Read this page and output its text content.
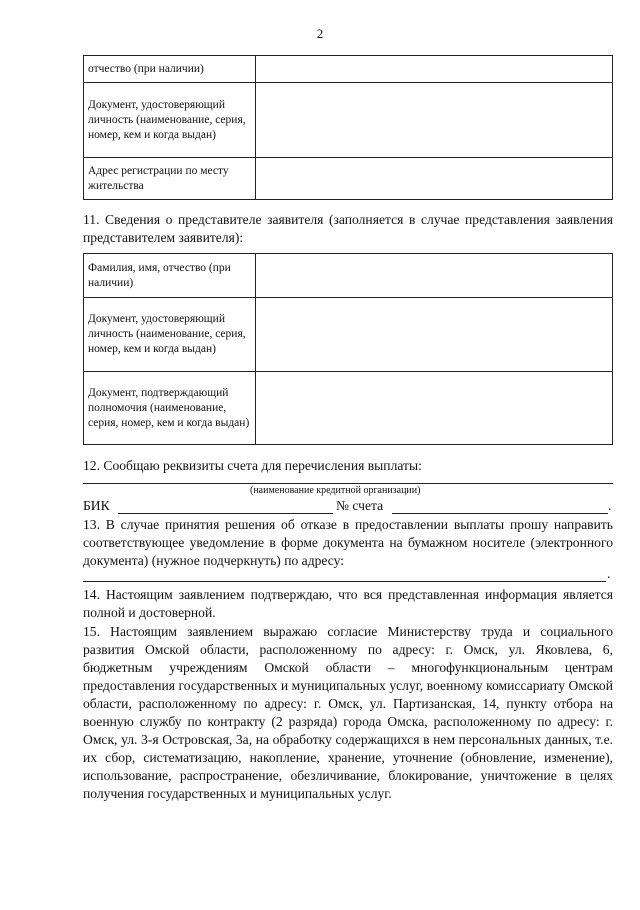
2
отчество (при наличии)	
Документ, удостоверяющий личность (наименование, серия, номер, кем и когда выдан)	
Адрес регистрации по месту жительства	
11. Сведения о представителе заявителя (заполняется в случае представления заявления представителем заявителя):
Фамилия, имя, отчество (при наличии)	
Документ, удостоверяющий личность (наименование, серия, номер, кем и когда выдан)	
Документ, подтверждающий полномочия (наименование, серия, номер, кем и когда выдан)	
12. Сообщаю реквизиты счета для перечисления выплаты:
(наименование кредитной организации)
БИК	№ счета	.
13. В случае принятия решения об отказе в предоставлении выплаты прошу направить соответствующее уведомление в форме документа на бумажном носителе (электронного документа) (нужное подчеркнуть) по адресу:
.
14. Настоящим заявлением подтверждаю, что вся представленная информация является полной и достоверной.
15. Настоящим заявлением выражаю согласие Министерству труда и социального развития Омской области, расположенному по адресу: г. Омск, ул. Яковлева, 6, бюджетным учреждениям Омской области – многофункциональным центрам предоставления государственных и муниципальных услуг, военному комиссариату Омской области, расположенному по адресу: г. Омск, ул. Партизанская, 14, пункту отбора на военную службу по контракту (2 разряда) города Омска, расположенному по адресу: г. Омск, ул. 3-я Островская, 3а, на обработку содержащихся в нем персональных данных, т.е. их сбор, систематизацию, накопление, хранение, уточнение (обновление, изменение), использование, распространение, обезличивание, блокирование, уничтожение в целях получения государственных и муниципальных услуг.
